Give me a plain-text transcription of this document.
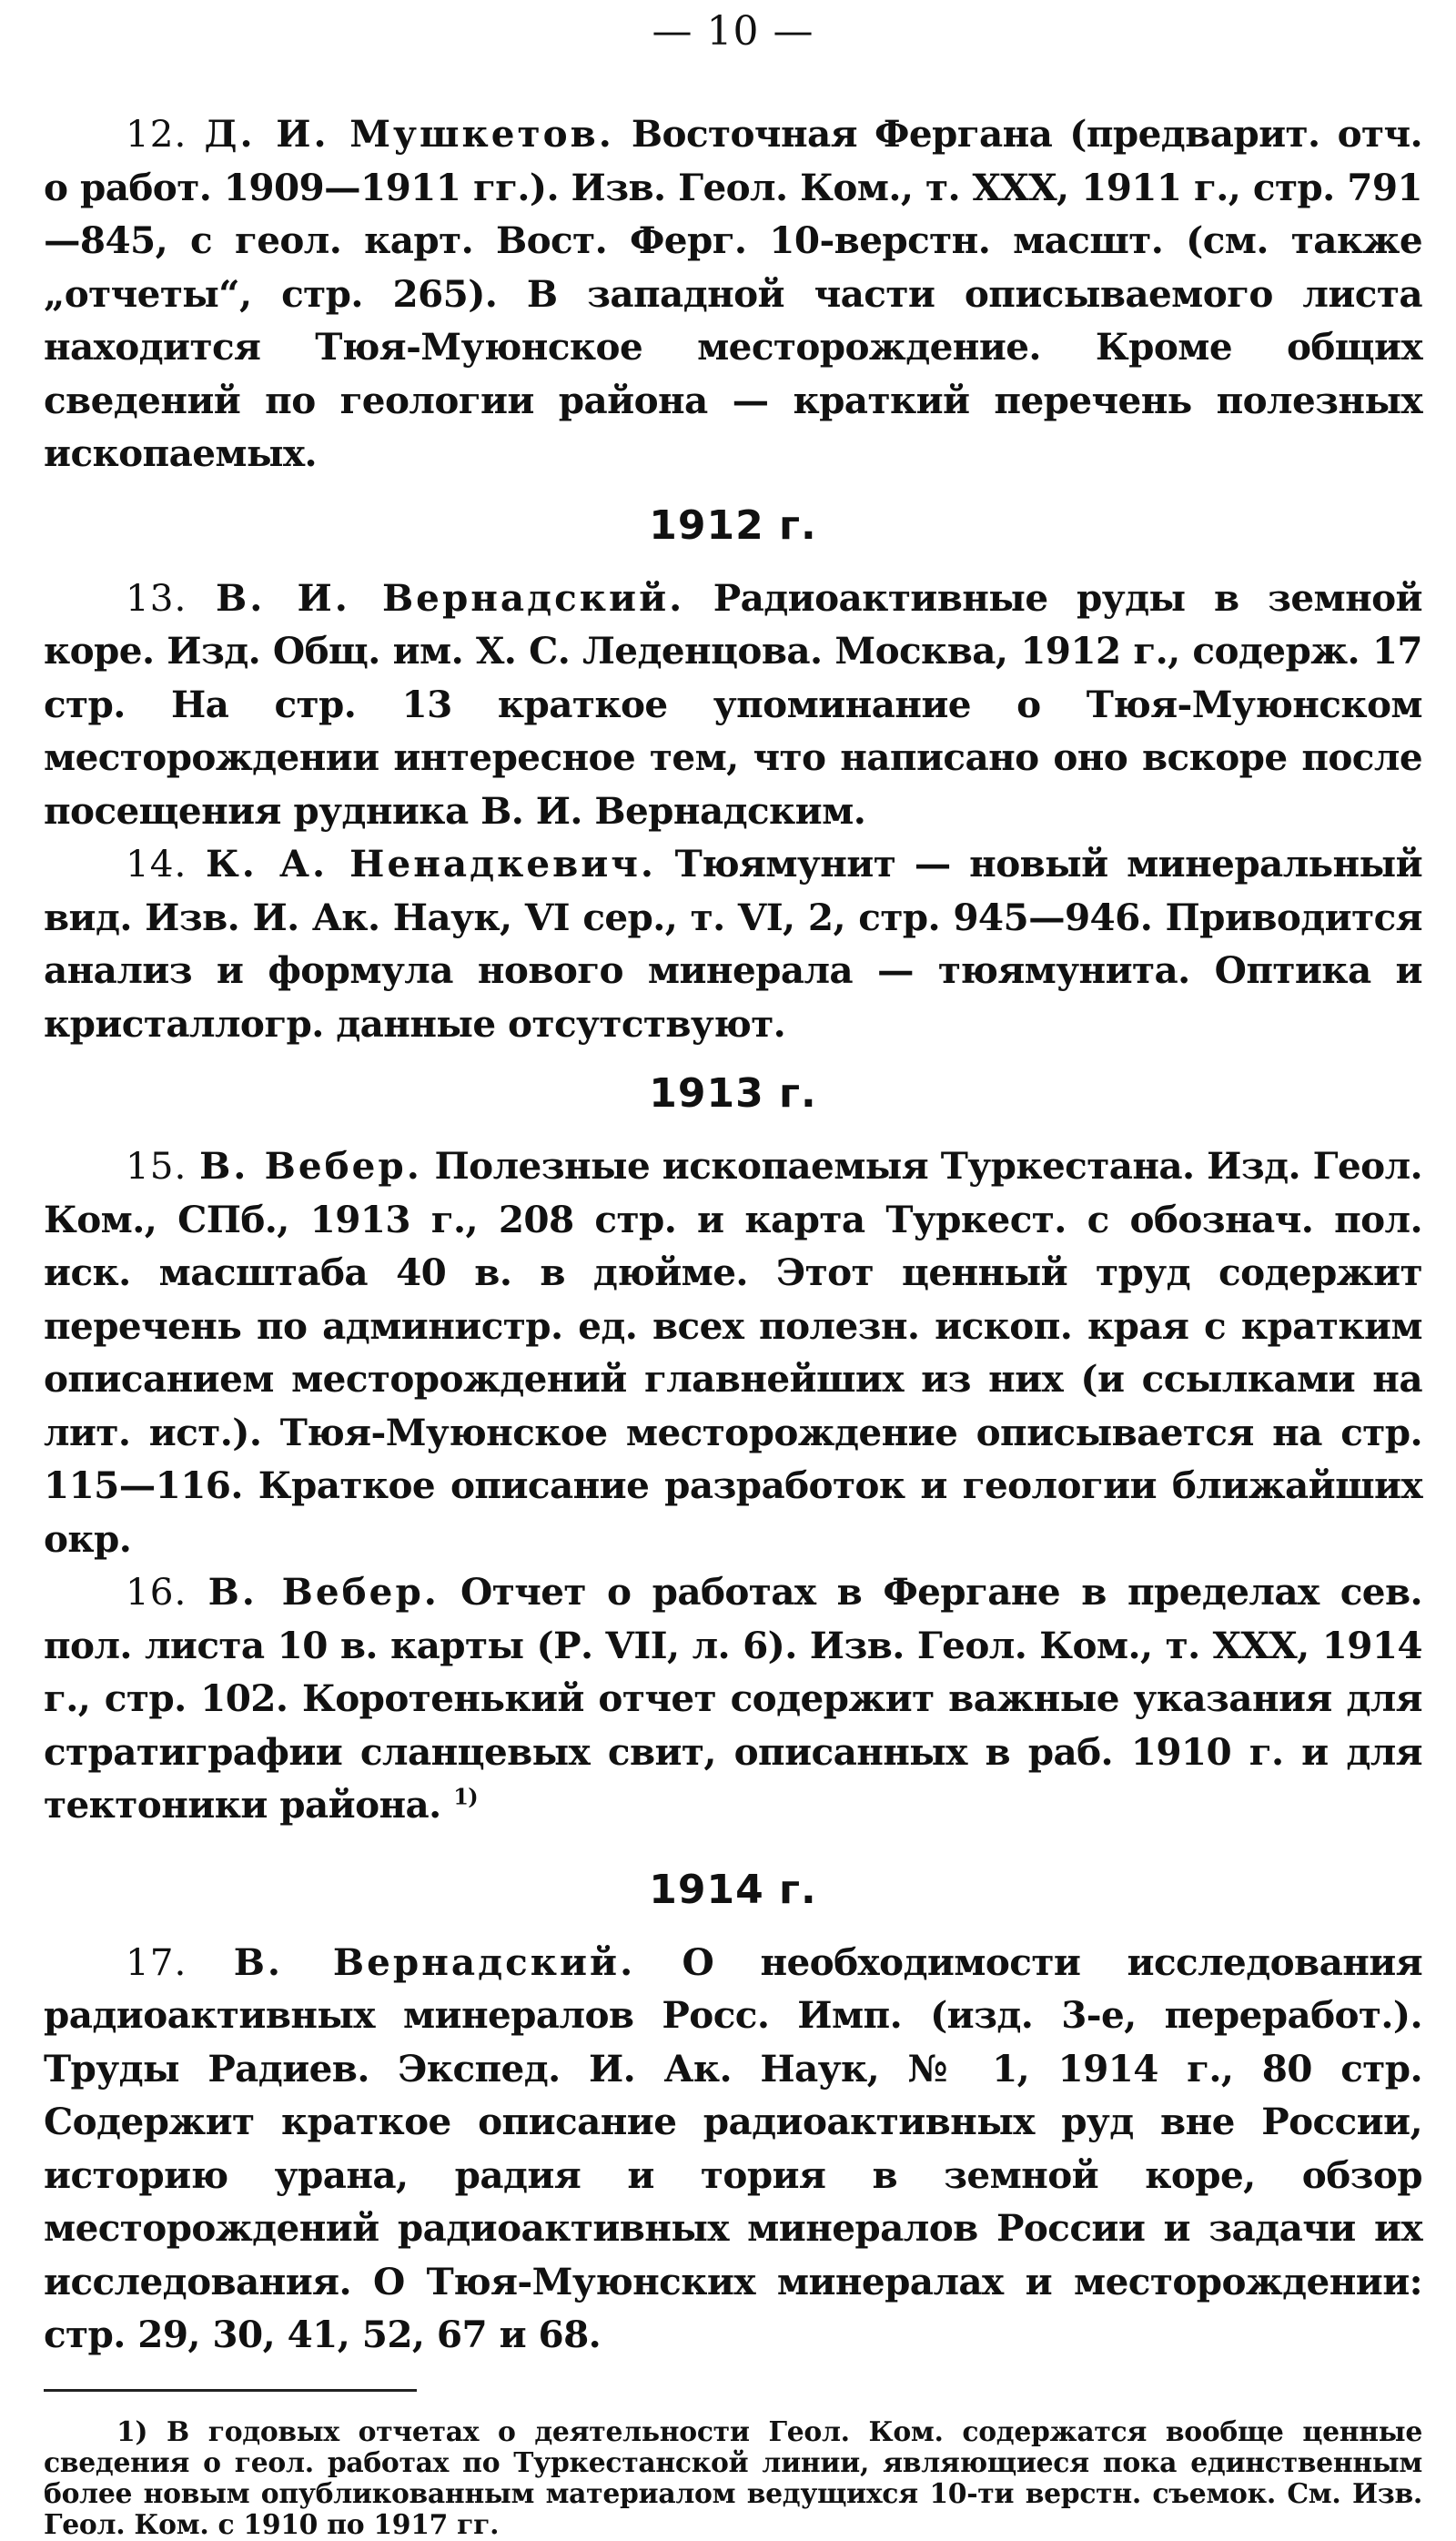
— 10 —

12. Д. И. Мушкетов. Восточная Фергана (предварит. отч. о работ. 1909—1911 гг.). Изв. Геол. Ком., т. XXX, 1911 г., стр. 791—845, с геол. карт. Вост. Ферг. 10-верстн. масшт. (см. также „отчеты“, стр. 265). В западной части описываемого листа находится Тюя-Муюнское месторождение. Кроме общих сведений по геологии района — краткий перечень полезных ископаемых.

1912 г.

13. В. И. Вернадский. Радиоактивные руды в земной коре. Изд. Общ. им. Х. С. Леденцова. Москва, 1912 г., содерж. 17 стр. На стр. 13 краткое упоминание о Тюя-Муюнском месторождении интересное тем, что написано оно вскоре после посещения рудника В. И. Вернадским.

14. К. А. Ненадкевич. Тюямунит — новый минеральный вид. Изв. И. Ак. Наук, VI сер., т. VI, 2, стр. 945—946. Приводится анализ и формула нового минерала — тюямунита. Оптика и кристаллогр. данные отсутствуют.

1913 г.

15. В. Вебер. Полезные ископаемыя Туркестана. Изд. Геол. Ком., СПб., 1913 г., 208 стр. и карта Туркест. с обознач. пол. иск. масштаба 40 в. в дюйме. Этот ценный труд содержит перечень по администр. ед. всех полезн. ископ. края с кратким описанием месторождений главнейших из них (и ссылками на лит. ист.). Тюя-Муюнское месторождение описывается на стр. 115—116. Краткое описание разработок и геологии ближайших окр.

16. В. Вебер. Отчет о работах в Фергане в пределах сев. пол. листа 10 в. карты (Р. VII, л. 6). Изв. Геол. Ком., т. XXX, 1914 г., стр. 102. Коротенький отчет содержит важные указания для стратиграфии сланцевых свит, описанных в раб. 1910 г. и для тектоники района. $^{1)}$

1914 г.

17. В. Вернадский. О необходимости исследования радиоактивных минералов Росс. Имп. (изд. 3-е, переработ.). Труды Радиев. Экспед. И. Ак. Наук, № 1, 1914 г., 80 стр. Содержит краткое описание радиоактивных руд вне России, историю урана, радия и тория в земной коре, обзор месторождений радиоактивных минералов России и задачи их исследования. О Тюя-Муюнских минералах и месторождении: стр. 29, 30, 41, 52, 67 и 68.

1) В годовых отчетах о деятельности Геол. Ком. содержатся вообще ценные сведения о геол. работах по Туркестанской линии, являющиеся пока единственным более новым опубликованным материалом ведущихся 10-ти верстн. съемок. См. Изв. Геол. Ком. с 1910 по 1917 гг.
